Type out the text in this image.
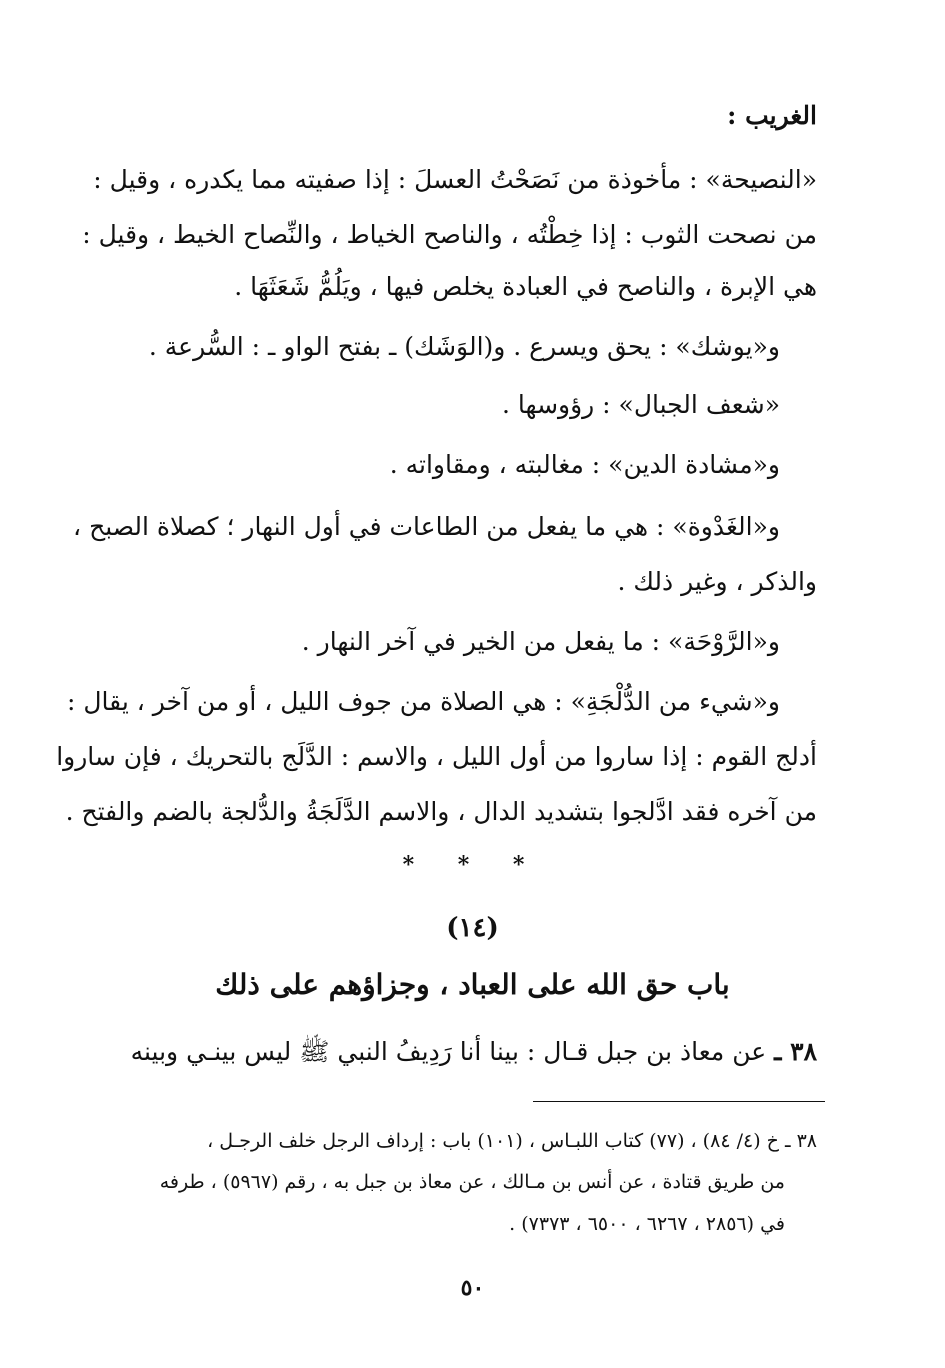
الغريب :
«النصيحة» : مأخوذة من نَصَحْتُ العسلَ : إذا صفيته مما يكدره ، وقيل :
من نصحت الثوب : إذا خِطْتُه ، والناصح الخياط ، والنِّصاح الخيط ، وقيل :
هي الإبرة ، والناصح في العبادة يخلص فيها ، ويَلُمُّ شَعَثَهَا .
و«يوشك» : يحق ويسرع . و(الوَشَك) ـ بفتح الواو ـ : السُّرعة .
«شعف الجبال» : رؤوسها .
و«مشادة الدين» : مغالبته ، ومقاواته .
و«الغَدْوة» : هي ما يفعل من الطاعات في أول النهار ؛ كصلاة الصبح ،
والذكر ، وغير ذلك .
و«الرَّوْحَة» : ما يفعل من الخير في آخر النهار .
و«شيء من الدُّلْجَةِ» : هي الصلاة من جوف الليل ، أو من آخر ، يقال :
أدلج القوم : إذا ساروا من أول الليل ، والاسم : الدَّلَج بالتحريك ، فإن ساروا
من آخره فقد ادَّلجوا بتشديد الدال ، والاسم الدَّلَجَةُ والدُّلجة بالضم والفتح .
* * *
(١٤)
باب حق الله على العباد ، وجزاؤهم على ذلك
٣٨ ـ عن معاذ بن جبل قـال : بينا أنا رَدِيفُ النبي ﷺ ليس بينـي وبينه
٣٨ ـ خ (٤/ ٨٤) ، (٧٧) كتاب اللبـاس ، (١٠١) باب : إرداف الرجل خلف الرجـل ،
من طريق قتادة ، عن أنس بن مـالك ، عن معاذ بن جبل به ، رقم (٥٩٦٧) ، طرفه
في (٢٨٥٦ ، ٦٢٦٧ ، ٦٥٠٠ ، ٧٣٧٣) .
٥٠
